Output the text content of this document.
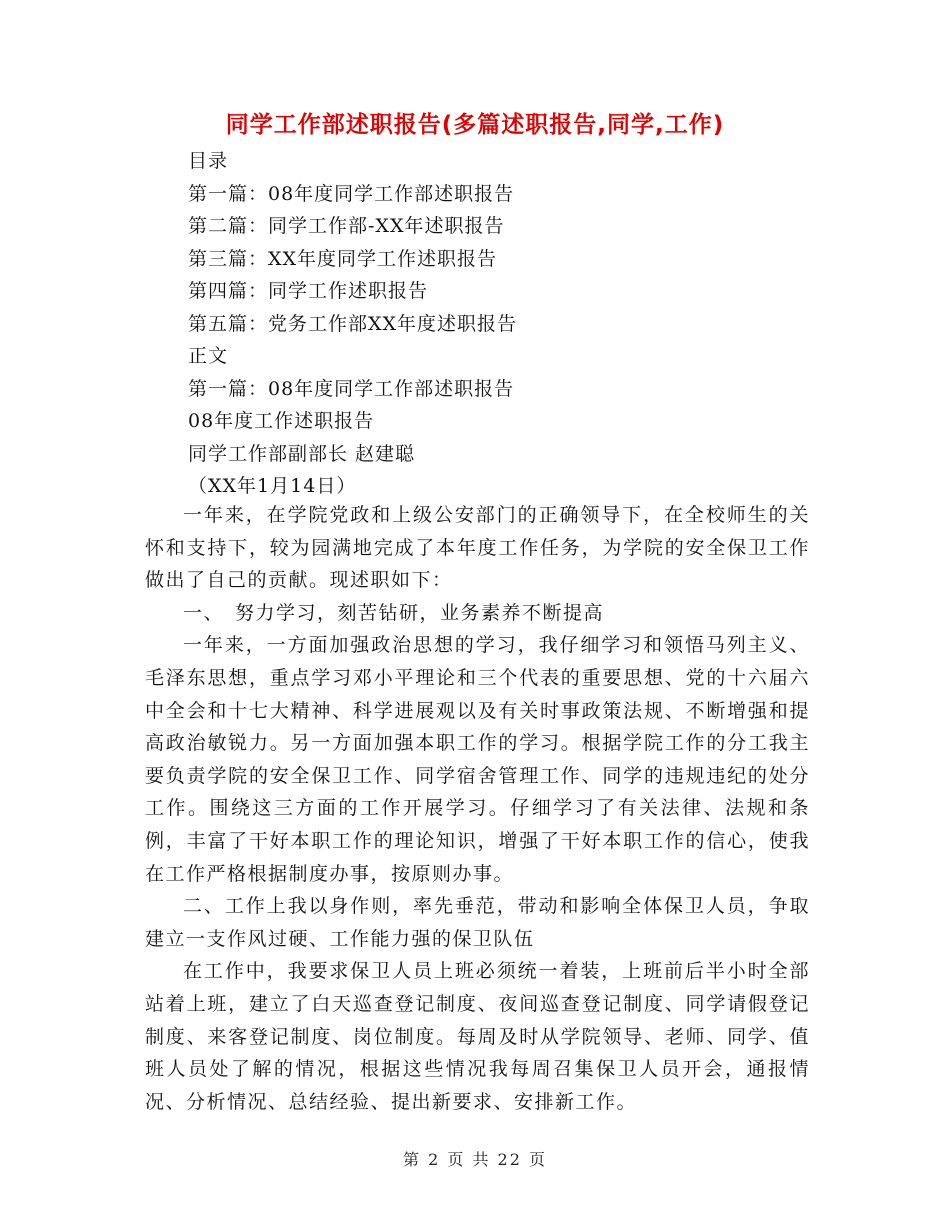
同学工作部述职报告(多篇述职报告,同学,工作)
目录
第一篇：08年度同学工作部述职报告
第二篇：同学工作部-XX年述职报告
第三篇：XX年度同学工作述职报告
第四篇：同学工作述职报告
第五篇：党务工作部XX年度述职报告
正文
第一篇：08年度同学工作部述职报告
08年度工作述职报告
同学工作部副部长 赵建聪
（XX年1月14日）

一年来，在学院党政和上级公安部门的正确领导下，在全校师生的关怀和支持下，较为园满地完成了本年度工作任务，为学院的安全保卫工作做出了自己的贡献。现述职如下：

一、　努力学习，刻苦钻研，业务素养不断提高

一年来，一方面加强政治思想的学习，我仔细学习和领悟马列主义、毛泽东思想，重点学习邓小平理论和三个代表的重要思想、党的十六届六中全会和十七大精神、科学进展观以及有关时事政策法规、不断增强和提高政治敏锐力。另一方面加强本职工作的学习。根据学院工作的分工我主要负责学院的安全保卫工作、同学宿舍管理工作、同学的违规违纪的处分工作。围绕这三方面的工作开展学习。仔细学习了有关法律、法规和条例，丰富了干好本职工作的理论知识，增强了干好本职工作的信心，使我在工作严格根据制度办事，按原则办事。

二、工作上我以身作则，率先垂范，带动和影响全体保卫人员，争取建立一支作风过硬、工作能力强的保卫队伍

在工作中，我要求保卫人员上班必须统一着装，上班前后半小时全部站着上班，建立了白天巡查登记制度、夜间巡查登记制度、同学请假登记制度、来客登记制度、岗位制度。每周及时从学院领导、老师、同学、值班人员处了解的情况，根据这些情况我每周召集保卫人员开会，通报情况、分析情况、总结经验、提出新要求、安排新工作。

第 2 页 共 22 页
